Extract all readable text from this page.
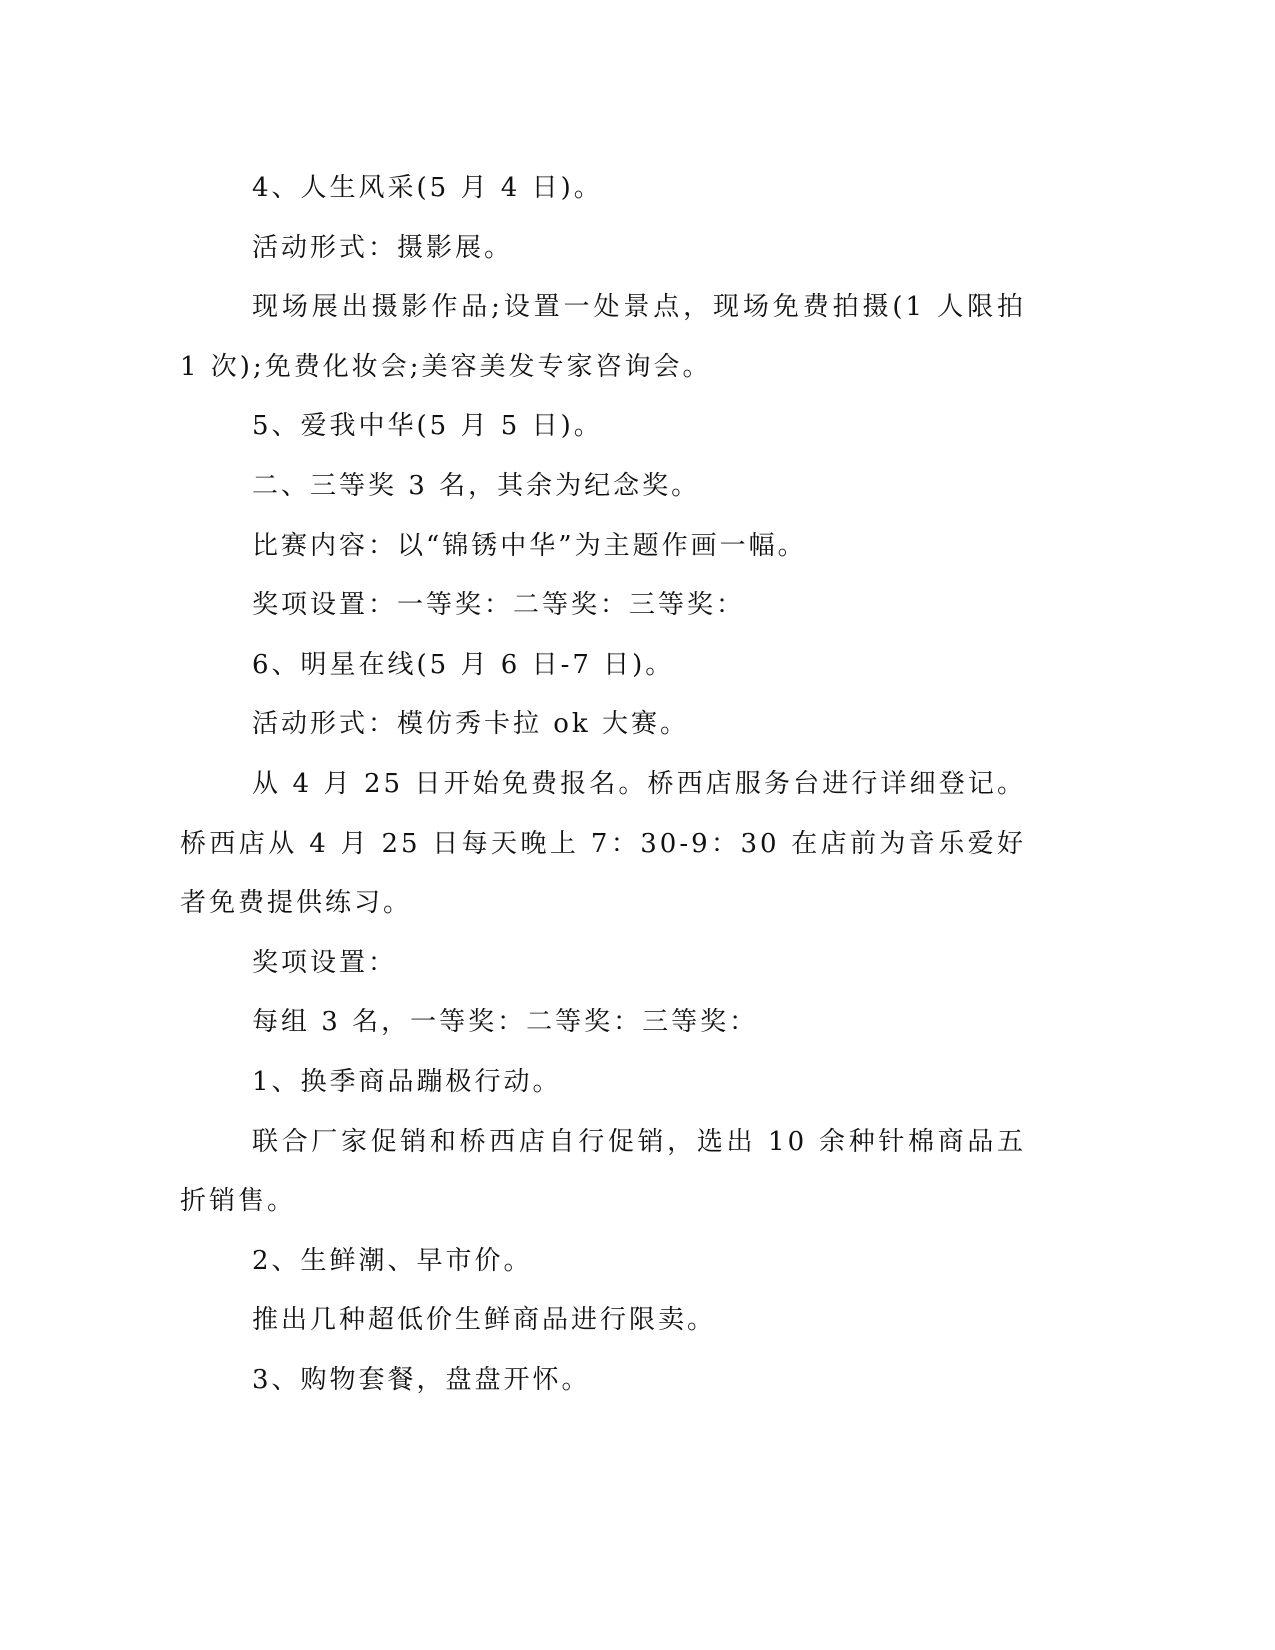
4、人生风采(5 月 4 日)。

活动形式：摄影展。

现场展出摄影作品;设置一处景点，现场免费拍摄(1 人限拍 1 次);免费化妆会;美容美发专家咨询会。

5、爱我中华(5 月 5 日)。

二、三等奖 3 名，其余为纪念奖。

比赛内容：以“锦锈中华”为主题作画一幅。

奖项设置：一等奖：二等奖：三等奖：

6、明星在线(5 月 6 日-7 日)。

活动形式：模仿秀卡拉 ok 大赛。

从 4 月 25 日开始免费报名。桥西店服务台进行详细登记。桥西店从 4 月 25 日每天晚上 7：30-9：30 在店前为音乐爱好者免费提供练习。

奖项设置：

每组 3 名，一等奖：二等奖：三等奖：

1、换季商品蹦极行动。

联合厂家促销和桥西店自行促销，选出 10 余种针棉商品五折销售。

2、生鲜潮、早市价。

推出几种超低价生鲜商品进行限卖。

3、购物套餐，盘盘开怀。
